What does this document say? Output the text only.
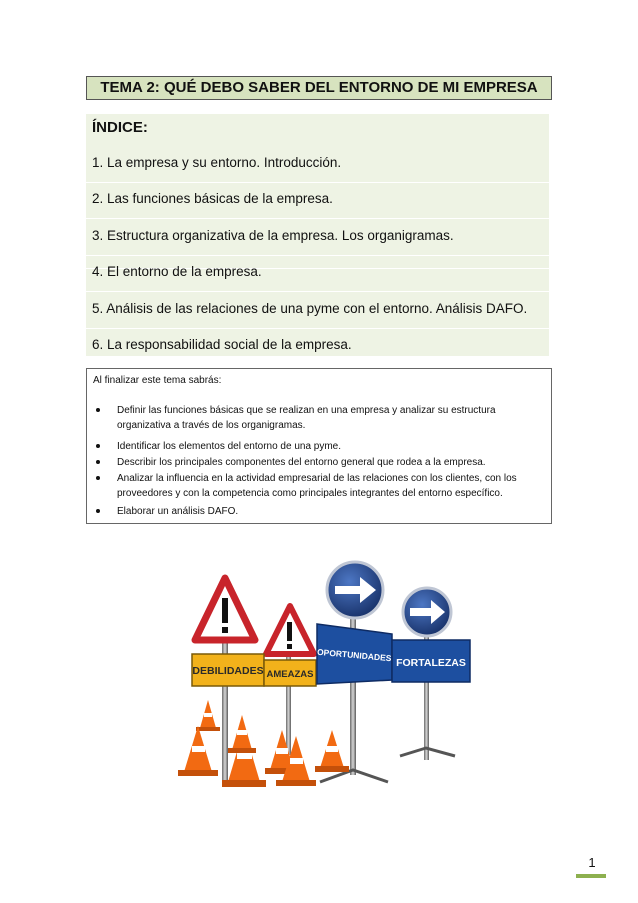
TEMA 2: QUÉ DEBO SABER DEL ENTORNO DE MI EMPRESA
ÍNDICE:
1. La empresa y su entorno. Introducción.
2. Las funciones básicas de la empresa.
3. Estructura organizativa de la empresa. Los organigramas.
4. El entorno de la empresa.
5. Análisis de las relaciones de una pyme con el entorno. Análisis DAFO.
6. La responsabilidad social de la empresa.
Al finalizar este tema sabrás:
Definir las funciones básicas que se realizan en una empresa y analizar su estructura organizativa a través de los organigramas.
Identificar los elementos del entorno de una pyme.
Describir los principales componentes del entorno general que rodea a la empresa.
Analizar la influencia en la actividad empresarial de las relaciones con los clientes, con los proveedores y con la competencia como principales integrantes del entorno específico.
Elaborar un análisis DAFO.
DEBILIDADES AMEAZAS
OPORTUNIDADES FORTALEZAS
1
